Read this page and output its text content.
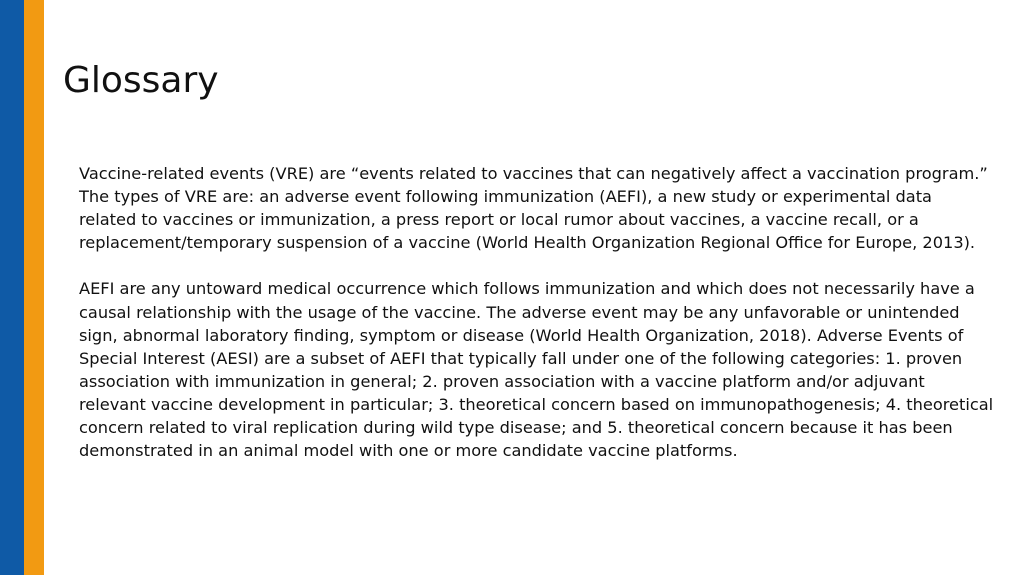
Glossary

Vaccine-related events (VRE) are “events related to vaccines that can negatively affect a vaccination program.” The types of VRE are: an adverse event following immunization (AEFI), a new study or experimental data related to vaccines or immunization, a press report or local rumor about vaccines, a vaccine recall, or a replacement/temporary suspension of a vaccine (World Health Organization Regional Office for Europe, 2013).

AEFI are any untoward medical occurrence which follows immunization and which does not necessarily have a causal relationship with the usage of the vaccine. The adverse event may be any unfavorable or unintended sign, abnormal laboratory finding, symptom or disease (World Health Organization, 2018). Adverse Events of Special Interest (AESI) are a subset of AEFI that typically fall under one of the following categories: 1. proven association with immunization in general; 2. proven association with a vaccine platform and/or adjuvant relevant vaccine development in particular; 3. theoretical concern based on immunopathogenesis; 4. theoretical concern related to viral replication during wild type disease; and 5. theoretical concern because it has been demonstrated in an animal model with one or more candidate vaccine platforms.
